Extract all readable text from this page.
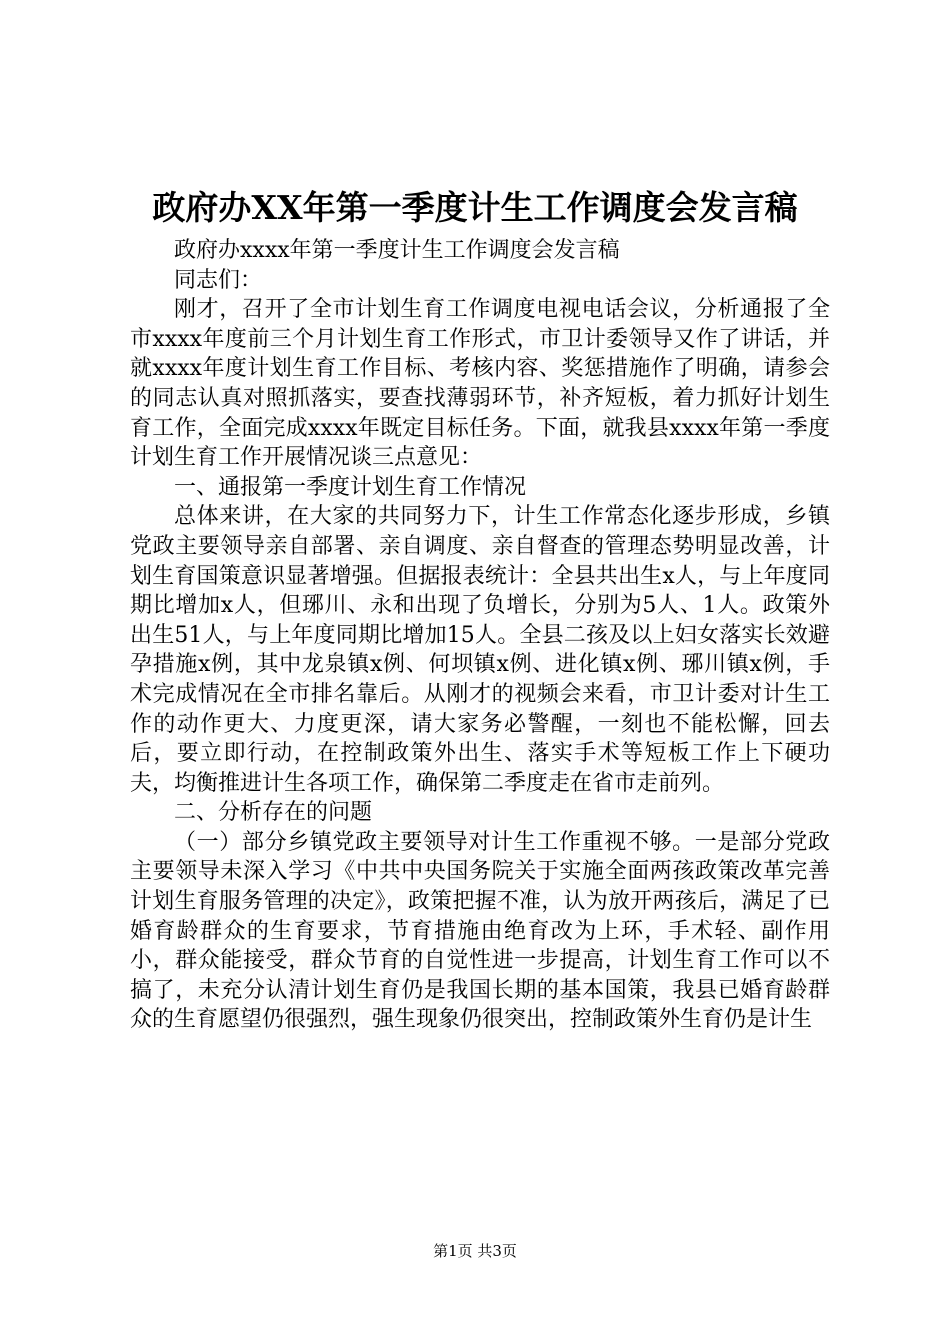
政府办XX年第一季度计生工作调度会发言稿

政府办xxxx年第一季度计生工作调度会发言稿

同志们：

刚才，召开了全市计划生育工作调度电视电话会议，分析通报了全市xxxx年度前三个月计划生育工作形式，市卫计委领导又作了讲话，并就xxxx年度计划生育工作目标、考核内容、奖惩措施作了明确，请参会的同志认真对照抓落实，要查找薄弱环节，补齐短板，着力抓好计划生育工作，全面完成xxxx年既定目标任务。下面，就我县xxxx年第一季度计划生育工作开展情况谈三点意见：

一、通报第一季度计划生育工作情况

总体来讲，在大家的共同努力下，计生工作常态化逐步形成，乡镇党政主要领导亲自部署、亲自调度、亲自督查的管理态势明显改善，计划生育国策意识显著增强。但据报表统计：全县共出生x人，与上年度同期比增加x人，但琊川、永和出现了负增长，分别为5人、1人。政策外出生51人，与上年度同期比增加15人。全县二孩及以上妇女落实长效避孕措施x例，其中龙泉镇x例、何坝镇x例、进化镇x例、琊川镇x例，手术完成情况在全市排名靠后。从刚才的视频会来看，市卫计委对计生工作的动作更大、力度更深，请大家务必警醒，一刻也不能松懈，回去后，要立即行动，在控制政策外出生、落实手术等短板工作上下硬功夫，均衡推进计生各项工作，确保第二季度走在省市走前列。

二、分析存在的问题

（一）部分乡镇党政主要领导对计生工作重视不够。一是部分党政主要领导未深入学习《中共中央国务院关于实施全面两孩政策改革完善计划生育服务管理的决定》，政策把握不准，认为放开两孩后，满足了已婚育龄群众的生育要求，节育措施由绝育改为上环，手术轻、副作用小，群众能接受，群众节育的自觉性进一步提高，计划生育工作可以不搞了，未充分认清计划生育仍是我国长期的基本国策，我县已婚育龄群众的生育愿望仍很强烈，强生现象仍很突出，控制政策外生育仍是计生

第1页 共3页
